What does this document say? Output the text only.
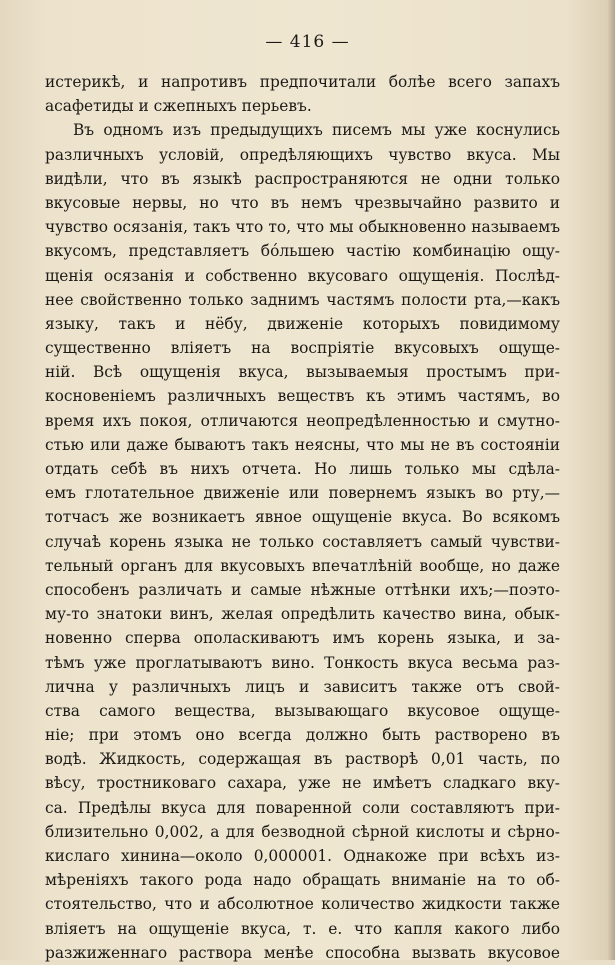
— 416 —
истерикѣ, и напротивъ предпочитали болѣе всего запахъ
асафетиды и сжепныхъ перьевъ.
Въ одномъ изъ предыдущихъ писемъ мы уже коснулись
различныхъ условій, опредѣляющихъ чувство вкуса. Мы
видѣли, что въ языкѣ распространяются не одни только
вкусовые нервы, но что въ немъ чрезвычайно развито и
чувство осязанія, такъ что то, что мы обыкновенно называемъ
вкусомъ, представляетъ бо́льшею частію комбинацію ощу-
щенія осязанія и собственно вкусоваго ощущенія. Послѣд-
нее свойственно только заднимъ частямъ полости рта,—какъ
языку, такъ и нёбу, движеніе которыхъ повидимому
существенно вліяетъ на воспріятіе вкусовыхъ ощуще-
ній. Всѣ ощущенія вкуса, вызываемыя простымъ при-
косновеніемъ различныхъ веществъ къ этимъ частямъ, во
время ихъ покоя, отличаются неопредѣленностью и смутно-
стью или даже бываютъ такъ неясны, что мы не въ состояніи
отдать себѣ въ нихъ отчета. Но лишь только мы сдѣла-
емъ глотательное движеніе или повернемъ языкъ во рту,—
тотчасъ же возникаетъ явное ощущеніе вкуса. Во всякомъ
случаѣ корень языка не только составляетъ самый чувстви-
тельный органъ для вкусовыхъ впечатлѣній вообще, но даже
способенъ различать и самые нѣжные оттѣнки ихъ;—поэто-
му-то знатоки винъ, желая опредѣлить качество вина, обык-
новенно сперва ополаскиваютъ имъ корень языка, и за-
тѣмъ уже проглатываютъ вино. Тонкость вкуса весьма раз-
лична у различныхъ лицъ и зависитъ также отъ свой-
ства самого вещества, вызывающаго вкусовое ощуще-
ніе; при этомъ оно всегда должно быть растворено въ
водѣ. Жидкость, содержащая въ растворѣ 0,01 часть, по
вѣсу, тростниковаго сахара, уже не имѣетъ сладкаго вку-
са. Предѣлы вкуса для поваренной соли составляютъ при-
близительно 0,002, а для безводной сѣрной кислоты и сѣрно-
кислаго хинина—около 0,000001. Однакоже при всѣхъ из-
мѣреніяхъ такого рода надо обращать вниманіе на то об-
стоятельство, что и абсолютное количество жидкости также
вліяетъ на ощущеніе вкуса, т. е. что капля какого либо
разжиженнаго раствора менѣе способна вызвать вкусовое
